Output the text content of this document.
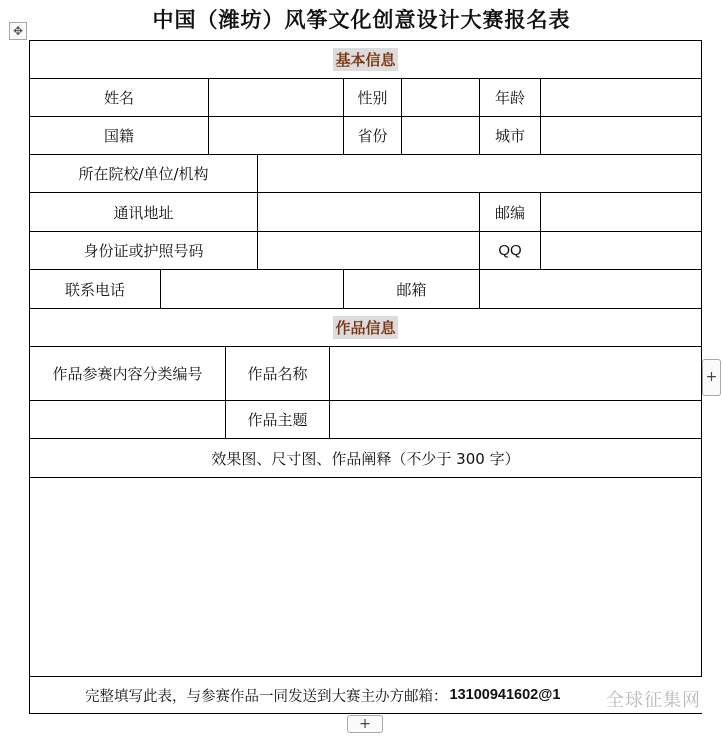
中国（潍坊）风筝文化创意设计大赛报名表
✥
基本信息
姓名	性别	年龄
国籍	省份	城市
所在院校/单位/机构
通讯地址	邮编
身份证或护照号码	QQ
联系电话	邮箱
作品信息
作品参赛内容分类编号	作品名称
作品主题
效果图、尺寸图、作品阐释（不少于 300 字）
完整填写此表，与参赛作品一同发送到大赛主办方邮箱： 13100941602@1	全球征集网
+
+
